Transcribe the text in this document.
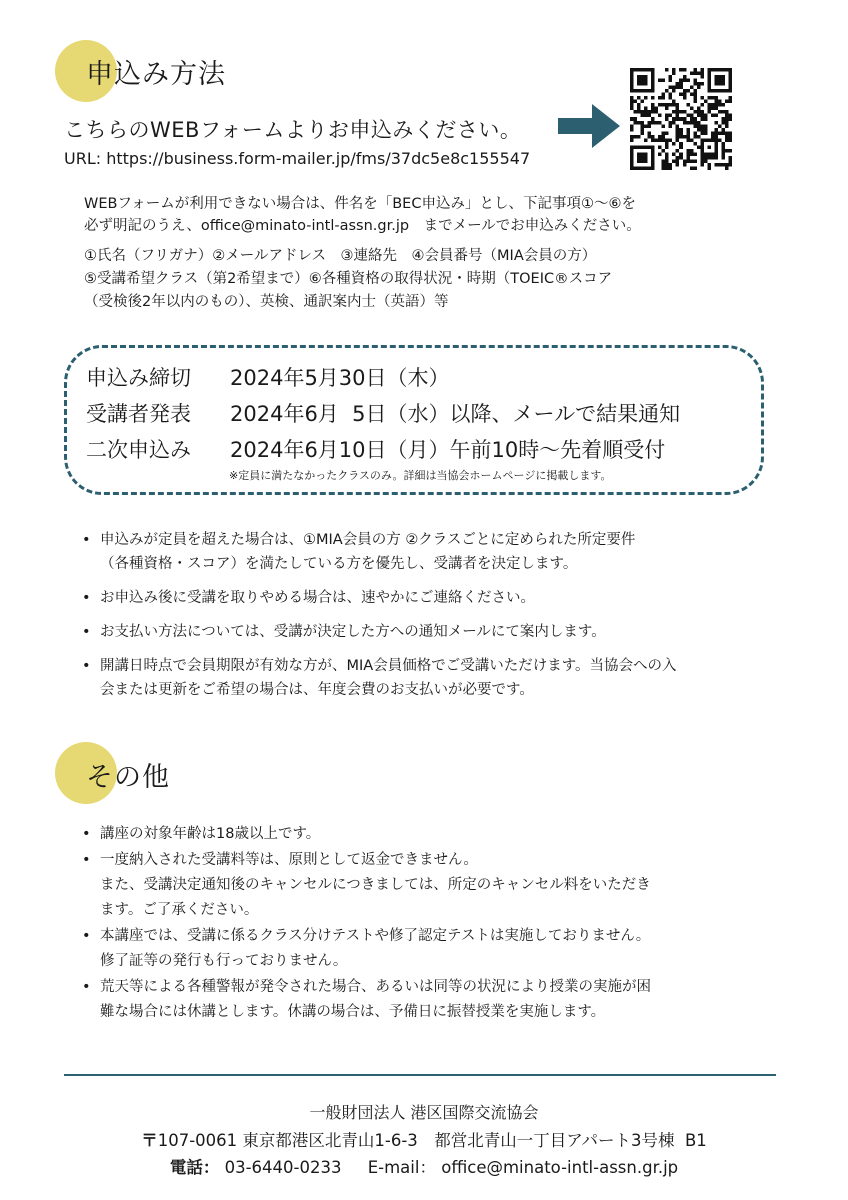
申込み方法
こちらのWEBフォームよりお申込みください。
URL: https://business.form-mailer.jp/fms/37dc5e8c155547
WEBフォームが利用できない場合は、件名を「BEC申込み」とし、下記事項①～⑥を
必ず明記のうえ、office@minato-intl-assn.gr.jp　までメールでお申込みください。
①氏名（フリガナ）②メールアドレス　③連絡先　④会員番号（MIA会員の方）
⑤受講希望クラス（第2希望まで）⑥各種資格の取得状況・時期（TOEIC®スコア
（受検後2年以内のもの）、英検、通訳案内士（英語）等
申込み締切 2024年5月30日（木）
受講者発表 2024年6月  5日（水）以降、メールで結果通知
二次申込み 2024年6月10日（月）午前10時～先着順受付
※定員に満たなかったクラスのみ。詳細は当協会ホームページに掲載します。
• 申込みが定員を超えた場合は、①MIA会員の方 ②クラスごとに定められた所定要件
（各種資格・スコア）を満たしている方を優先し、受講者を決定します。
• お申込み後に受講を取りやめる場合は、速やかにご連絡ください。
• お支払い方法については、受講が決定した方への通知メールにて案内します。
• 開講日時点で会員期限が有効な方が、MIA会員価格でご受講いただけます。当協会への入
会または更新をご希望の場合は、年度会費のお支払いが必要です。
その他
• 講座の対象年齢は18歳以上です。
• 一度納入された受講料等は、原則として返金できません。
また、受講決定通知後のキャンセルにつきましては、所定のキャンセル料をいただき
ます。ご了承ください。
• 本講座では、受講に係るクラス分けテストや修了認定テストは実施しておりません。
修了証等の発行も行っておりません。
• 荒天等による各種警報が発令された場合、あるいは同等の状況により授業の実施が困
難な場合には休講とします。休講の場合は、予備日に振替授業を実施します。
一般財団法人 港区国際交流協会
〒107-0061 東京都港区北青山1-6-3　都営北青山一丁目アパート3号棟  B1
電話： 03-6440-0233 E-mail： office@minato-intl-assn.gr.jp
